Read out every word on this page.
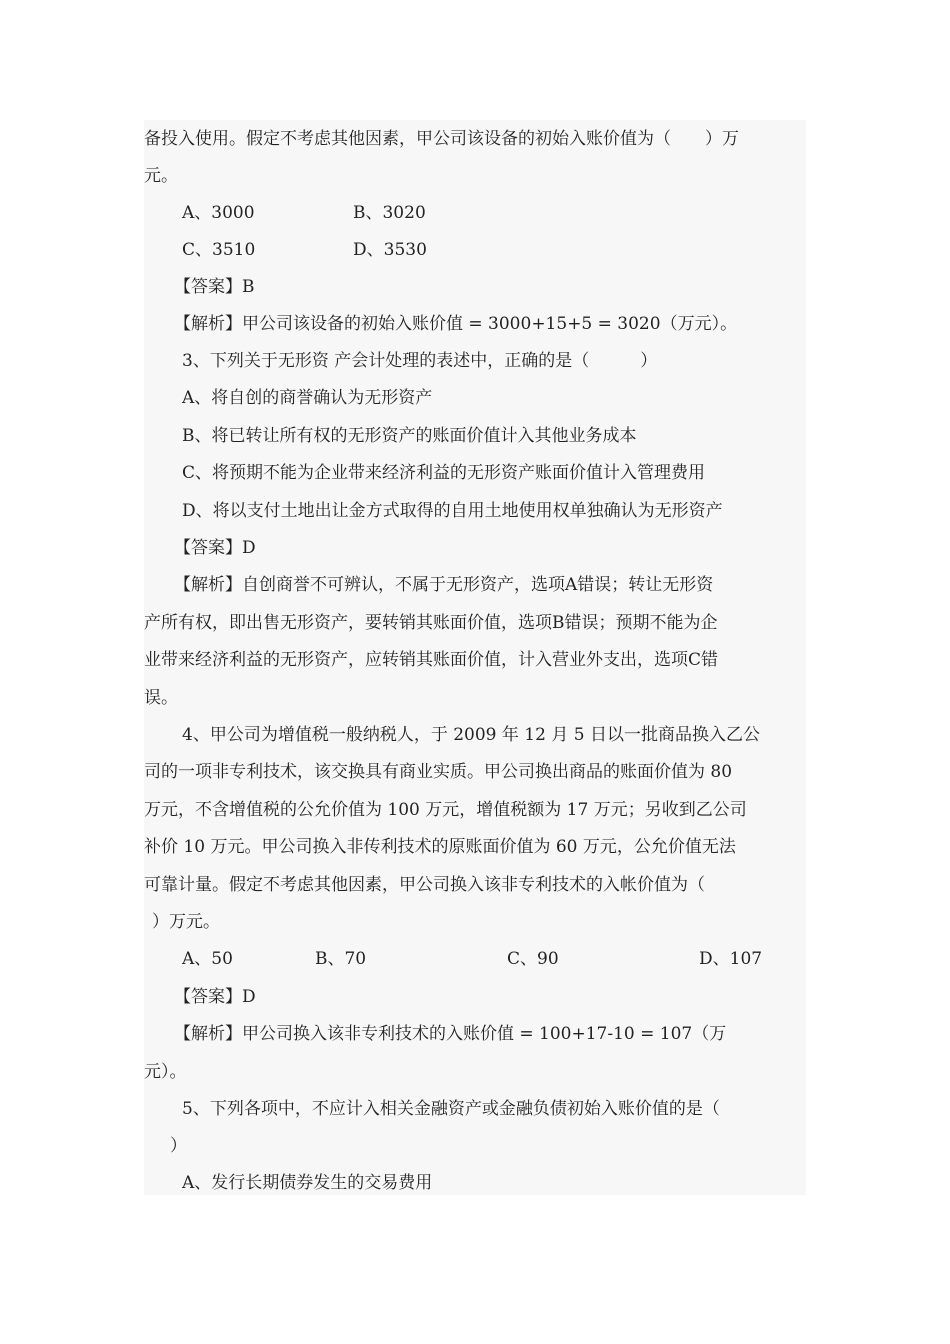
备投入使用。假定不考虑其他因素，甲公司该设备的初始入账价值为（　　）万
元。
A、3000	B、3020
C、3510	D、3530
【答案】B
【解析】甲公司该设备的初始入账价值 = 3000+15+5 = 3020（万元）。
3、下列关于无形资 产会计处理的表述中，正确的是（　　　）
A、将自创的商誉确认为无形资产
B、将已转让所有权的无形资产的账面价值计入其他业务成本
C、将预期不能为企业带来经济利益的无形资产账面价值计入管理费用
D、将以支付土地出让金方式取得的自用土地使用权单独确认为无形资产
【答案】D
【解析】自创商誉不可辨认，不属于无形资产，选项A错误；转让无形资
产所有权，即出售无形资产，要转销其账面价值，选项B错误；预期不能为企
业带来经济利益的无形资产，应转销其账面价值，计入营业外支出，选项C错
误。
4、甲公司为增值税一般纳税人，于 2009 年 12 月 5 日以一批商品换入乙公
司的一项非专利技术，该交换具有商业实质。甲公司换出商品的账面价值为 80
万元，不含增值税的公允价值为 100 万元，增值税额为 17 万元；另收到乙公司
补价 10 万元。甲公司换入非传利技术的原账面价值为 60 万元，公允价值无法
可靠计量。假定不考虑其他因素，甲公司换入该非专利技术的入帐价值为（
）万元。
A、50	B、70	C、90	D、107
【答案】D
【解析】甲公司换入该非专利技术的入账价值 = 100+17-10 = 107（万
元）。
5、下列各项中，不应计入相关金融资产或金融负债初始入账价值的是（
）
A、发行长期债券发生的交易费用
